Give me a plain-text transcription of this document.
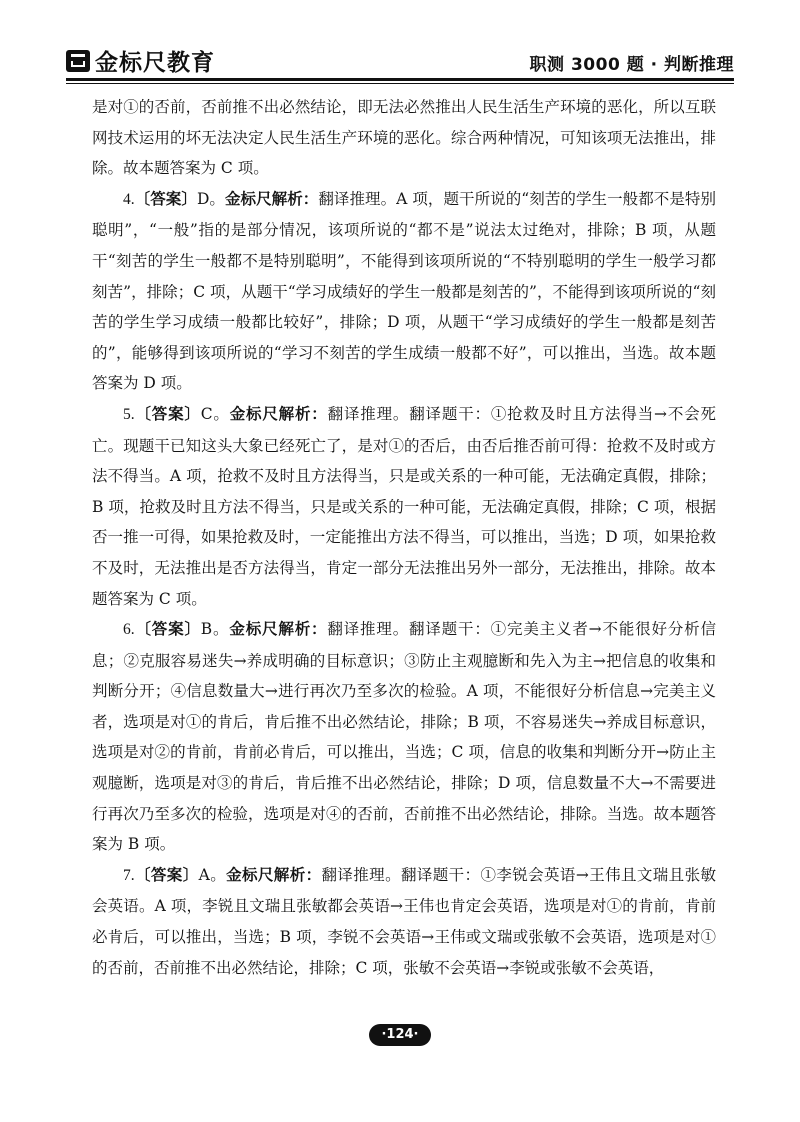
金标尺教育	职测 3000 题 · 判断推理

是对①的否前，否前推不出必然结论，即无法必然推出人民生活生产环境的恶化，所以互联网技术运用的坏无法决定人民生活生产环境的恶化。综合两种情况，可知该项无法推出，排除。故本题答案为 C 项。

4.〔答案〕D。金标尺解析：翻译推理。A 项，题干所说的“刻苦的学生一般都不是特别聪明”，“一般”指的是部分情况，该项所说的“都不是”说法太过绝对，排除；B 项，从题干“刻苦的学生一般都不是特别聪明”，不能得到该项所说的“不特别聪明的学生一般学习都刻苦”，排除；C 项，从题干“学习成绩好的学生一般都是刻苦的”，不能得到该项所说的“刻苦的学生学习成绩一般都比较好”，排除；D 项，从题干“学习成绩好的学生一般都是刻苦的”，能够得到该项所说的“学习不刻苦的学生成绩一般都不好”，可以推出，当选。故本题答案为 D 项。

5.〔答案〕C。金标尺解析：翻译推理。翻译题干：①抢救及时且方法得当→不会死亡。现题干已知这头大象已经死亡了，是对①的否后，由否后推否前可得：抢救不及时或方法不得当。A 项，抢救不及时且方法得当，只是或关系的一种可能，无法确定真假，排除；B 项，抢救及时且方法不得当，只是或关系的一种可能，无法确定真假，排除；C 项，根据否一推一可得，如果抢救及时，一定能推出方法不得当，可以推出，当选；D 项，如果抢救不及时，无法推出是否方法得当，肯定一部分无法推出另外一部分，无法推出，排除。故本题答案为 C 项。

6.〔答案〕B。金标尺解析：翻译推理。翻译题干：①完美主义者→不能很好分析信息；②克服容易迷失→养成明确的目标意识；③防止主观臆断和先入为主→把信息的收集和判断分开；④信息数量大→进行再次乃至多次的检验。A 项，不能很好分析信息→完美主义者，选项是对①的肯后，肯后推不出必然结论，排除；B 项，不容易迷失→养成目标意识，选项是对②的肯前，肯前必肯后，可以推出，当选；C 项，信息的收集和判断分开→防止主观臆断，选项是对③的肯后，肯后推不出必然结论，排除；D 项，信息数量不大→不需要进行再次乃至多次的检验，选项是对④的否前，否前推不出必然结论，排除。当选。故本题答案为 B 项。

7.〔答案〕A。金标尺解析：翻译推理。翻译题干：①李锐会英语→王伟且文瑞且张敏会英语。A 项，李锐且文瑞且张敏都会英语→王伟也肯定会英语，选项是对①的肯前，肯前必肯后，可以推出，当选；B 项，李锐不会英语→王伟或文瑞或张敏不会英语，选项是对①的否前，否前推不出必然结论，排除；C 项，张敏不会英语→李锐或张敏不会英语，

·124·
